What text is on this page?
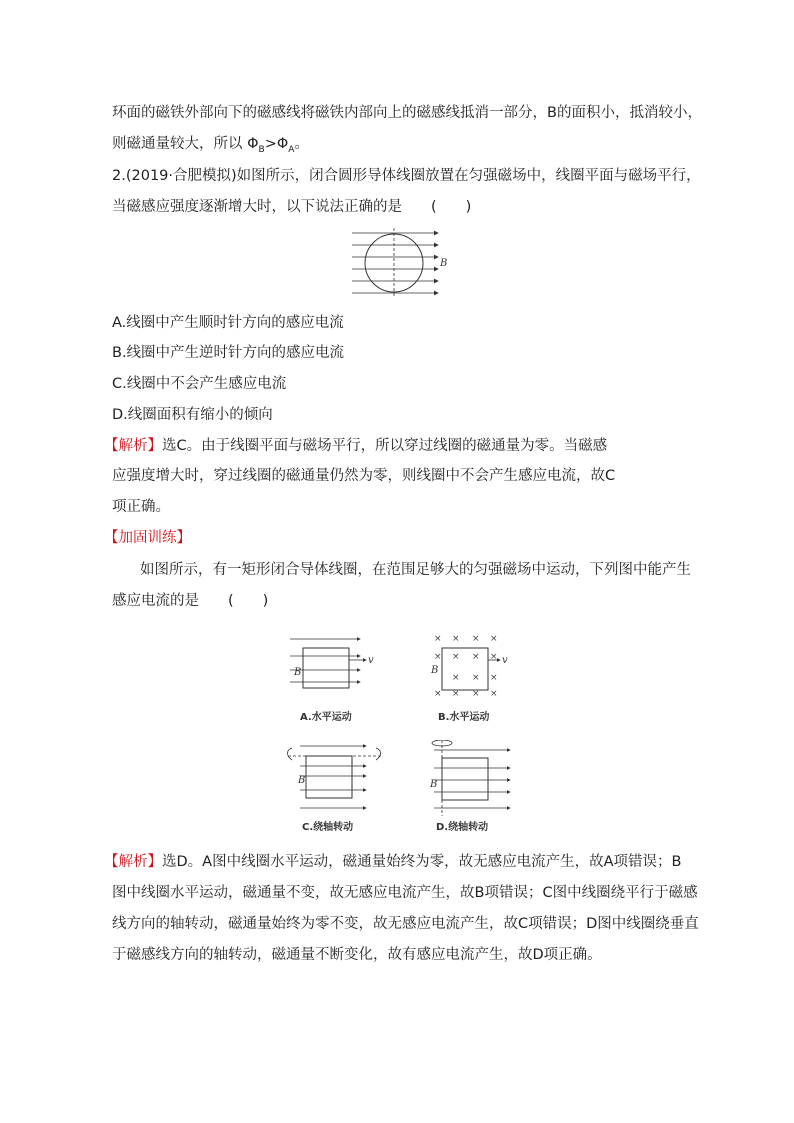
环面的磁铁外部向下的磁感线将磁铁内部向上的磁感线抵消一部分，B的面积小，抵消较小，
则磁通量较大，所以 $\Phi_B>\Phi_A$。
2.(2019·合肥模拟)如图所示，闭合圆形导体线圈放置在匀强磁场中，线圈平面与磁场平行，
当磁感应强度逐渐增大时，以下说法正确的是　　(　　)
B
A.线圈中产生顺时针方向的感应电流
B.线圈中产生逆时针方向的感应电流
C.线圈中不会产生感应电流
D.线圈面积有缩小的倾向
【解析】选C。由于线圈平面与磁场平行，所以穿过线圈的磁通量为零。当磁感
应强度增大时，穿过线圈的磁通量仍然为零，则线圈中不会产生感应电流，故C
项正确。
【加固训练】
如图所示，有一矩形闭合导体线圈，在范围足够大的匀强磁场中运动，下列图中能产生
感应电流的是　　(　　)
v
B
A.水平运动
× × × ×
× × × ×
× × ×
× × × ×
v
B
B.水平运动
B
C.绕轴转动
B
D.绕轴转动
【解析】选D。A图中线圈水平运动，磁通量始终为零，故无感应电流产生，故A项错误；B
图中线圈水平运动，磁通量不变，故无感应电流产生，故B项错误；C图中线圈绕平行于磁感
线方向的轴转动，磁通量始终为零不变，故无感应电流产生，故C项错误；D图中线圈绕垂直
于磁感线方向的轴转动，磁通量不断变化，故有感应电流产生，故D项正确。
